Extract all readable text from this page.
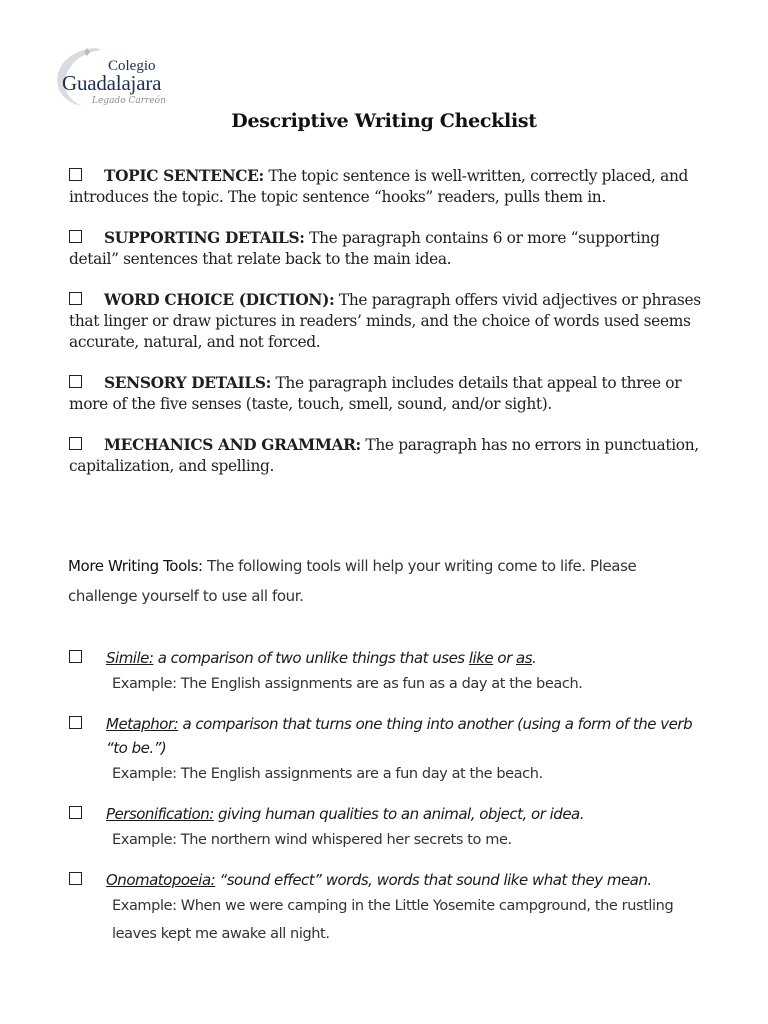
Colegio
Guadalajara
Legado Carreón
Descriptive Writing Checklist
TOPIC SENTENCE: The topic sentence is well-written, correctly placed, and introduces the topic. The topic sentence “hooks” readers, pulls them in.
SUPPORTING DETAILS: The paragraph contains 6 or more “supporting detail” sentences that relate back to the main idea.
WORD CHOICE (DICTION): The paragraph offers vivid adjectives or phrases that linger or draw pictures in readers’ minds, and the choice of words used seems accurate, natural, and not forced.
SENSORY DETAILS: The paragraph includes details that appeal to three or more of the five senses (taste, touch, smell, sound, and/or sight).
MECHANICS AND GRAMMAR: The paragraph has no errors in punctuation, capitalization, and spelling.
More Writing Tools: The following tools will help your writing come to life. Please challenge yourself to use all four.
Simile: a comparison of two unlike things that uses like or as.
Example: The English assignments are as fun as a day at the beach.
Metaphor: a comparison that turns one thing into another (using a form of the verb “to be.”)
Example: The English assignments are a fun day at the beach.
Personification: giving human qualities to an animal, object, or idea.
Example: The northern wind whispered her secrets to me.
Onomatopoeia: “sound effect” words, words that sound like what they mean.
Example: When we were camping in the Little Yosemite campground, the rustling leaves kept me awake all night.
